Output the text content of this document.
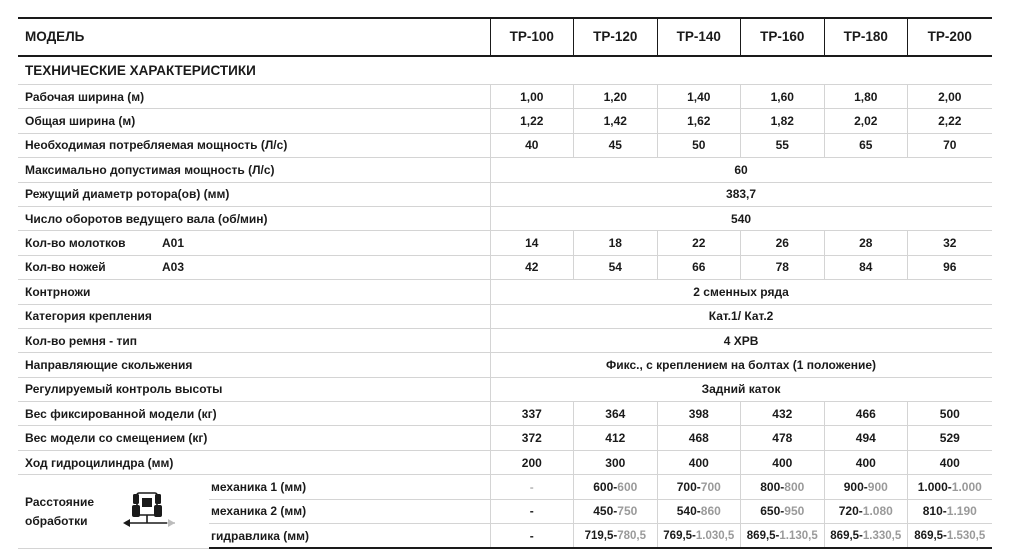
МОДЕЛЬ			TP-100	TP-120	TP-140	TP-160	TP-180	TP-200
ТЕХНИЧЕСКИЕ ХАРАКТЕРИСТИКИ								
Рабочая ширина (м)			1,00	1,20	1,40	1,60	1,80	2,00
Общая ширина (м)			1,22	1,42	1,62	1,82	2,02	2,22
Необходимая потребляемая мощность (Л/с)			40	45	50	55	65	70
Максимально допустимая мощность (Л/с)			60					
Режущий диаметр ротора(ов) (мм)			383,7					
Число оборотов ведущего вала (об/мин)			540					
Кол-во молотков	A01		14	18	22	26	28	32
Кол-во ножей	A03		42	54	66	78	84	96
Контрножи			2 сменных ряда					
Категория крепления			Кат.1/ Кат.2					
Кол-во ремня - тип			4 XPB					
Направляющие скольжения			Фикс., с креплением на болтах (1 положение)					
Регулируемый контроль высоты			Задний каток					
Вес фиксированной модели (кг)			337	364	398	432	466	500
Вес модели со смещением (кг)			372	412	468	478	494	529
Ход гидроцилиндра (мм)			200	300	400	400	400	400
Расстояние
обработки		механика 1 (мм)	-	600-600	700-700	800-800	900-900	1.000-1.000
		механика 2 (мм)	-	450-750	540-860	650-950	720-1.080	810-1.190
		гидравлика (мм)	-	719,5-780,5	769,5-1.030,5	869,5-1.130,5	869,5-1.330,5	869,5-1.530,5
